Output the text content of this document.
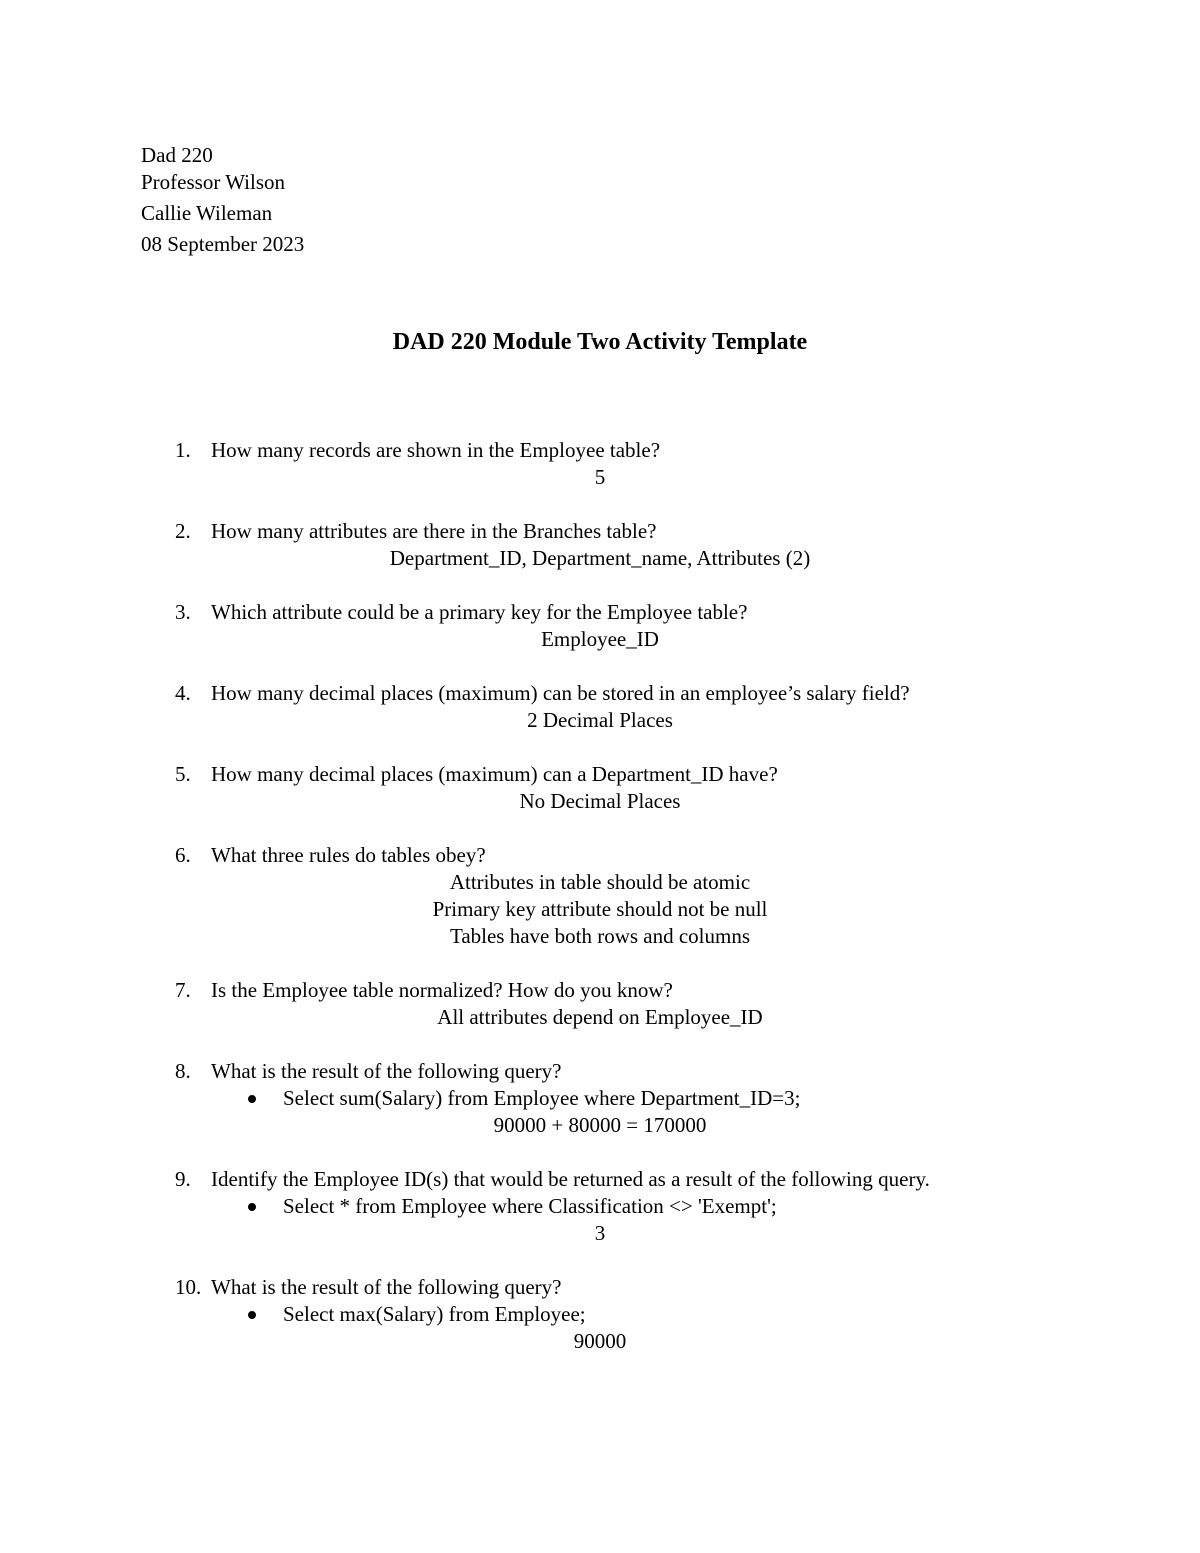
Dad 220
Professor Wilson
Callie Wileman
08 September 2023
DAD 220 Module Two Activity Template
1. How many records are shown in the Employee table?
5
2. How many attributes are there in the Branches table?
Department_ID, Department_name, Attributes (2)
3. Which attribute could be a primary key for the Employee table?
Employee_ID
4. How many decimal places (maximum) can be stored in an employee’s salary field?
2 Decimal Places
5. How many decimal places (maximum) can a Department_ID have?
No Decimal Places
6. What three rules do tables obey?
Attributes in table should be atomic
Primary key attribute should not be null
Tables have both rows and columns
7. Is the Employee table normalized? How do you know?
All attributes depend on Employee_ID
8. What is the result of the following query?
Select sum(Salary) from Employee where Department_ID=3;
90000 + 80000 = 170000
9. Identify the Employee ID(s) that would be returned as a result of the following query.
Select * from Employee where Classification <> 'Exempt';
3
10. What is the result of the following query?
Select max(Salary) from Employee;
90000
